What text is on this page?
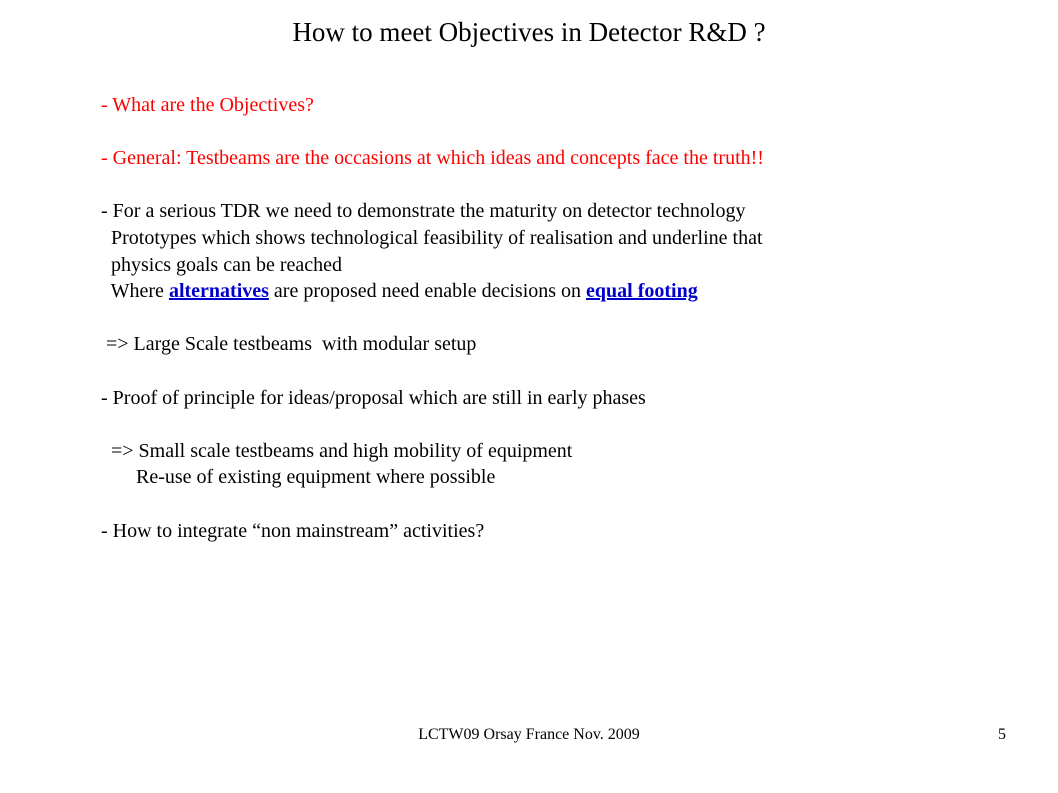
How to meet Objectives in Detector R&D ?
- What are the Objectives?
- General: Testbeams are the occasions at which ideas and concepts face the truth!!
- For a serious TDR we need to demonstrate the maturity on detector technology
Prototypes which shows technological feasibility of realisation and underline that
physics goals can be reached
Where alternatives are proposed need enable decisions on equal footing
=> Large Scale testbeams  with modular setup
- Proof of principle for ideas/proposal which are still in early phases
=> Small scale testbeams and high mobility of equipment
Re-use of existing equipment where possible
- How to integrate “non mainstream” activities?
LCTW09 Orsay France Nov. 2009	5
